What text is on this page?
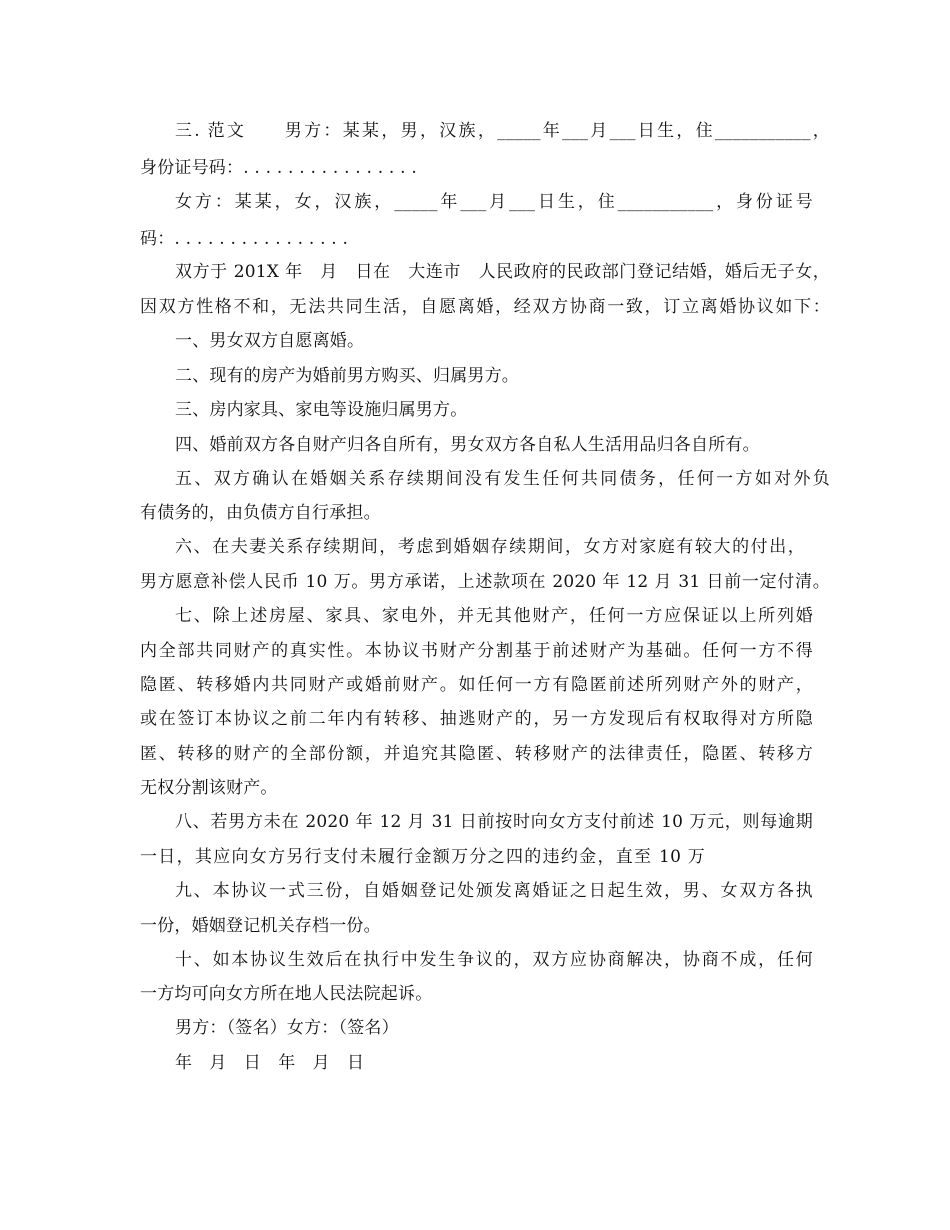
三. 范文　　男方：某某，男，汉族，_____年___月___日生，住___________，
身份证号码：. . . . . . . . . . . . . . . .
女方：某某，女，汉族，_____年___月___日生，住___________，身份证号
码：. . . . . . . . . . . . . . . .
双方于 201X 年　月　日在　大连市　人民政府的民政部门登记结婚，婚后无子女，
因双方性格不和，无法共同生活，自愿离婚，经双方协商一致，订立离婚协议如下：
一、男女双方自愿离婚。
二、现有的房产为婚前男方购买、归属男方。
三、房内家具、家电等设施归属男方。
四、婚前双方各自财产归各自所有，男女双方各自私人生活用品归各自所有。
五、双方确认在婚姻关系存续期间没有发生任何共同债务，任何一方如对外负
有债务的，由负债方自行承担。
六、在夫妻关系存续期间，考虑到婚姻存续期间，女方对家庭有较大的付出，
男方愿意补偿人民币 10 万。男方承诺，上述款项在 2020 年 12 月 31 日前一定付清。
七、除上述房屋、家具、家电外，并无其他财产，任何一方应保证以上所列婚
内全部共同财产的真实性。本协议书财产分割基于前述财产为基础。任何一方不得
隐匿、转移婚内共同财产或婚前财产。如任何一方有隐匿前述所列财产外的财产，
或在签订本协议之前二年内有转移、抽逃财产的，另一方发现后有权取得对方所隐
匿、转移的财产的全部份额，并追究其隐匿、转移财产的法律责任，隐匿、转移方
无权分割该财产。
八、若男方未在 2020 年 12 月 31 日前按时向女方支付前述 10 万元，则每逾期
一日，其应向女方另行支付未履行金额万分之四的违约金，直至 10 万
九、本协议一式三份，自婚姻登记处颁发离婚证之日起生效，男、女双方各执
一份，婚姻登记机关存档一份。
十、如本协议生效后在执行中发生争议的，双方应协商解决，协商不成，任何
一方均可向女方所在地人民法院起诉。
男方：（签名）女方：（签名）
年　月　日　年　月　日
